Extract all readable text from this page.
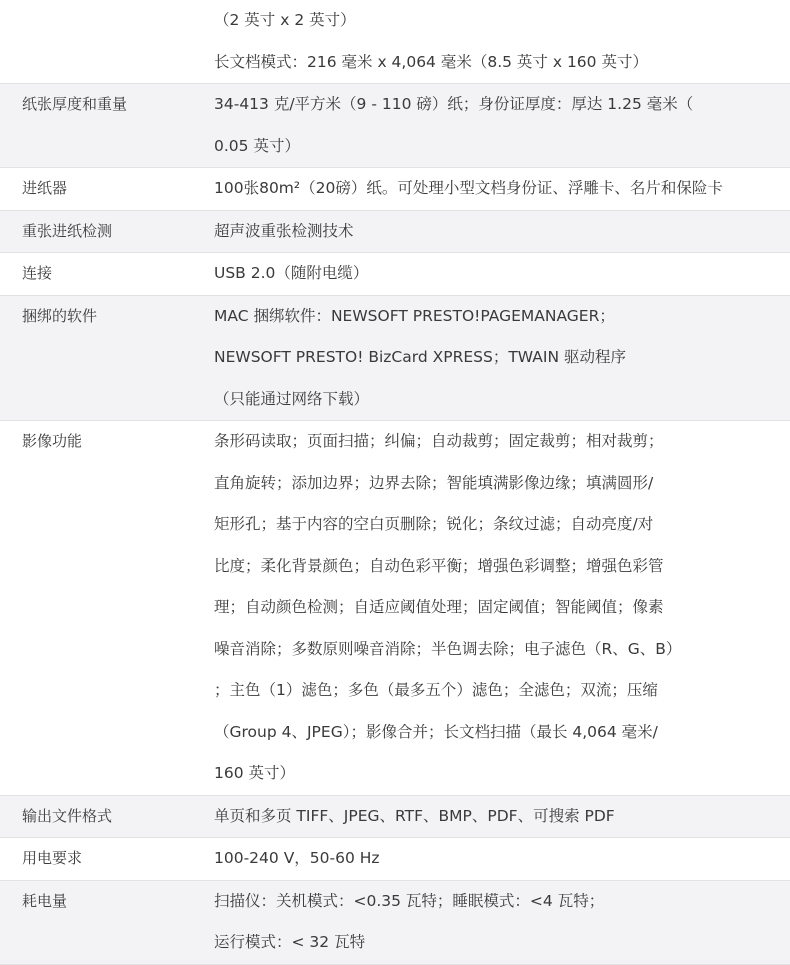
（2 英寸 x 2 英寸）
长文档模式：216 毫米 x 4,064 毫米（8.5 英寸 x 160 英寸）
纸张厚度和重量	34-413 克/平方米（9 - 110 磅）纸；身份证厚度：厚达 1.25 毫米（
0.05 英寸）
进纸器	100张80m²（20磅）纸。可处理小型文档身份证、浮雕卡、名片和保险卡
重张进纸检测	超声波重张检测技术
连接	USB 2.0（随附电缆）
捆绑的软件	MAC 捆绑软件：NEWSOFT PRESTO!PAGEMANAGER；
NEWSOFT PRESTO! BizCard XPRESS；TWAIN 驱动程序
（只能通过网络下载）
影像功能	条形码读取；页面扫描；纠偏；自动裁剪；固定裁剪；相对裁剪；
直角旋转；添加边界；边界去除；智能填满影像边缘；填满圆形/
矩形孔；基于内容的空白页删除；锐化；条纹过滤；自动亮度/对
比度；柔化背景颜色；自动色彩平衡；增强色彩调整；增强色彩管
理；自动颜色检测；自适应阈值处理；固定阈值；智能阈值；像素
噪音消除；多数原则噪音消除；半色调去除；电子滤色（R、G、B）
；主色（1）滤色；多色（最多五个）滤色；全滤色；双流；压缩
（Group 4、JPEG）；影像合并；长文档扫描（最长 4,064 毫米/
160 英寸）
输出文件格式	单页和多页 TIFF、JPEG、RTF、BMP、PDF、可搜索 PDF
用电要求	100-240 V，50-60 Hz
耗电量	扫描仪：关机模式：<0.35 瓦特；睡眠模式：<4 瓦特；
运行模式：< 32 瓦特
